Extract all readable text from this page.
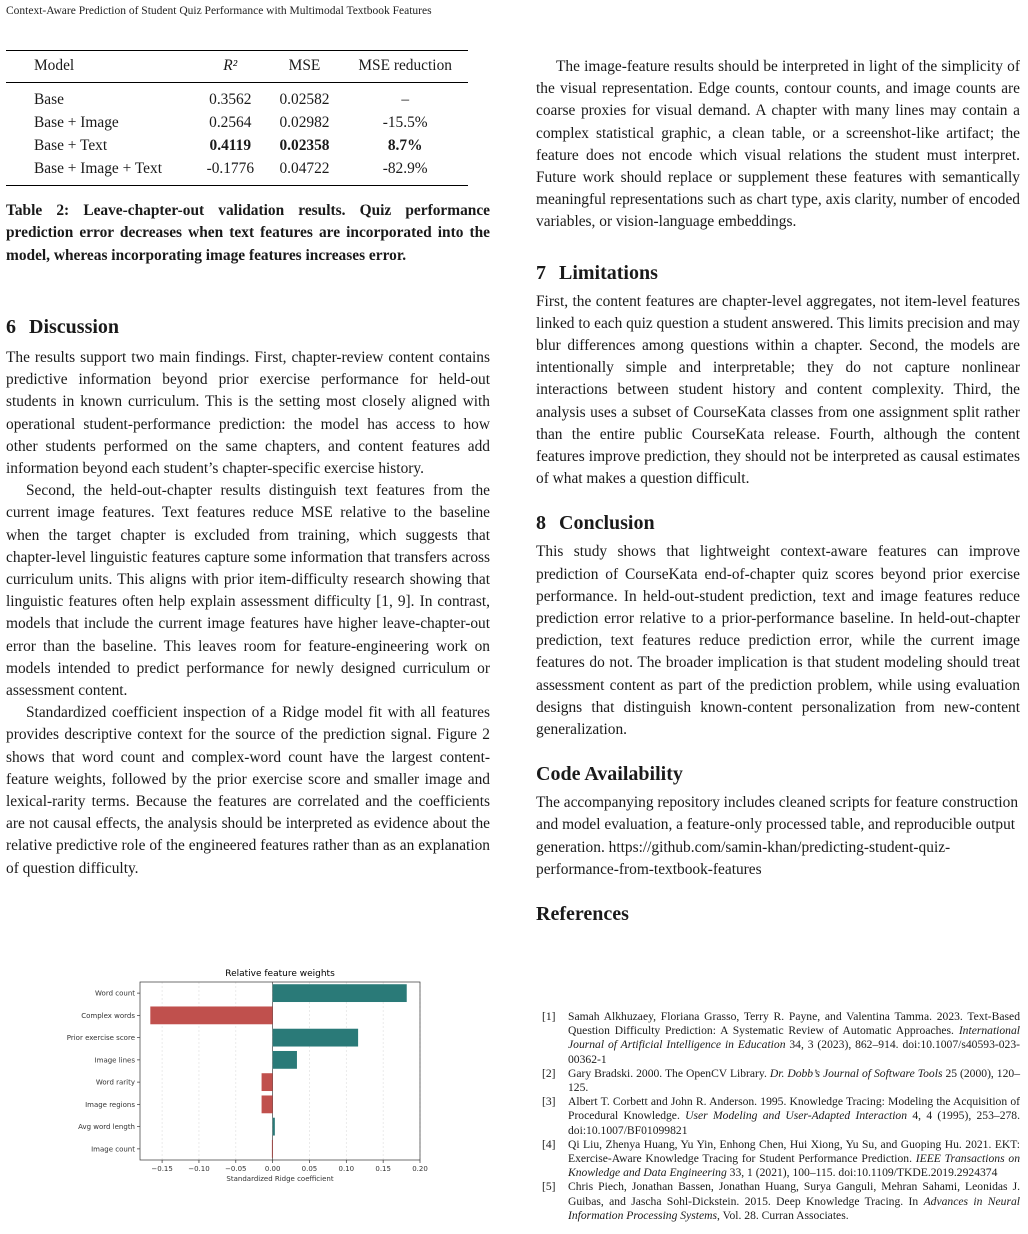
Context-Aware Prediction of Student Quiz Performance with Multimodal Textbook Features
Model	R²	MSE	MSE reduction
Base	0.3562	0.02582	–
Base + Image	0.2564	0.02982	-15.5%
Base + Text	0.4119	0.02358	8.7%
Base + Image + Text	-0.1776	0.04722	-82.9%
Table 2: Leave-chapter-out validation results. Quiz performance prediction error decreases when text features are incorporated into the model, whereas incorporating image features increases error.
6 Discussion

The results support two main findings. First, chapter-review content contains predictive information beyond prior exercise performance for held-out students in known curriculum. This is the setting most closely aligned with operational student-performance prediction: the model has access to how other students performed on the same chapters, and content features add information beyond each student’s chapter-specific exercise history.

Second, the held-out-chapter results distinguish text features from the current image features. Text features reduce MSE relative to the baseline when the target chapter is excluded from training, which suggests that chapter-level linguistic features capture some information that transfers across curriculum units. This aligns with prior item-difficulty research showing that linguistic features often help explain assessment difficulty [1, 9]. In contrast, models that include the current image features have higher leave-chapter-out error than the baseline. This leaves room for feature-engineering work on models intended to predict performance for newly designed curriculum or assessment content.

Standardized coefficient inspection of a Ridge model fit with all features provides descriptive context for the source of the prediction signal. Figure 2 shows that word count and complex-word count have the largest content-feature weights, followed by the prior exercise score and smaller image and lexical-rarity terms. Because the features are correlated and the coefficients are not causal effects, the analysis should be interpreted as evidence about the relative predictive role of the engineered features rather than as an explanation of question difficulty.

Relative feature weights
−0.15 −0.10 −0.05	0.00	0.05	0.10	0.15	0.20
Word count
Complex words
Prior exercise score
Image lines
Word rarity
Image regions
Avg word length
Image count
Standardized Ridge coefficient

The image-feature results should be interpreted in light of the simplicity of the visual representation. Edge counts, contour counts, and image counts are coarse proxies for visual demand. A chapter with many lines may contain a complex statistical graphic, a clean table, or a screenshot-like artifact; the feature does not encode which visual relations the student must interpret. Future work should replace or supplement these features with semantically meaningful representations such as chart type, axis clarity, number of encoded variables, or vision-language embeddings.

7 Limitations

First, the content features are chapter-level aggregates, not item-level features linked to each quiz question a student answered. This limits precision and may blur differences among questions within a chapter. Second, the models are intentionally simple and interpretable; they do not capture nonlinear interactions between student history and content complexity. Third, the analysis uses a subset of CourseKata classes from one assignment split rather than the entire public CourseKata release. Fourth, although the content features improve prediction, they should not be interpreted as causal estimates of what makes a question difficult.

8 Conclusion

This study shows that lightweight context-aware features can improve prediction of CourseKata end-of-chapter quiz scores beyond prior exercise performance. In held-out-student prediction, text and image features reduce prediction error relative to a prior-performance baseline. In held-out-chapter prediction, text features reduce prediction error, while the current image features do not. The broader implication is that student modeling should treat assessment content as part of the prediction problem, while using evaluation designs that distinguish known-content personalization from new-content generalization.

Code Availability

The accompanying repository includes cleaned scripts for feature construction and model evaluation, a feature-only processed table, and reproducible output generation. https://github.com/samin-khan/predicting-student-quiz-performance-from-textbook-features

References
[1] Samah Alkhuzaey, Floriana Grasso, Terry R. Payne, and Valentina Tamma. 2023. Text-Based Question Difficulty Prediction: A Systematic Review of Automatic Approaches. International Journal of Artificial Intelligence in Education 34, 3 (2023), 862–914. doi:10.1007/s40593-023-00362-1
[2] Gary Bradski. 2000. The OpenCV Library. Dr. Dobb’s Journal of Software Tools 25 (2000), 120–125.
[3] Albert T. Corbett and John R. Anderson. 1995. Knowledge Tracing: Modeling the Acquisition of Procedural Knowledge. User Modeling and User-Adapted Interaction 4, 4 (1995), 253–278. doi:10.1007/BF01099821
[4] Qi Liu, Zhenya Huang, Yu Yin, Enhong Chen, Hui Xiong, Yu Su, and Guoping Hu. 2021. EKT: Exercise-Aware Knowledge Tracing for Student Performance Prediction. IEEE Transactions on Knowledge and Data Engineering 33, 1 (2021), 100–115. doi:10.1109/TKDE.2019.2924374
[5] Chris Piech, Jonathan Bassen, Jonathan Huang, Surya Ganguli, Mehran Sahami, Leonidas J. Guibas, and Jascha Sohl-Dickstein. 2015. Deep Knowledge Tracing. In Advances in Neural Information Processing Systems, Vol. 28. Curran Associates.
